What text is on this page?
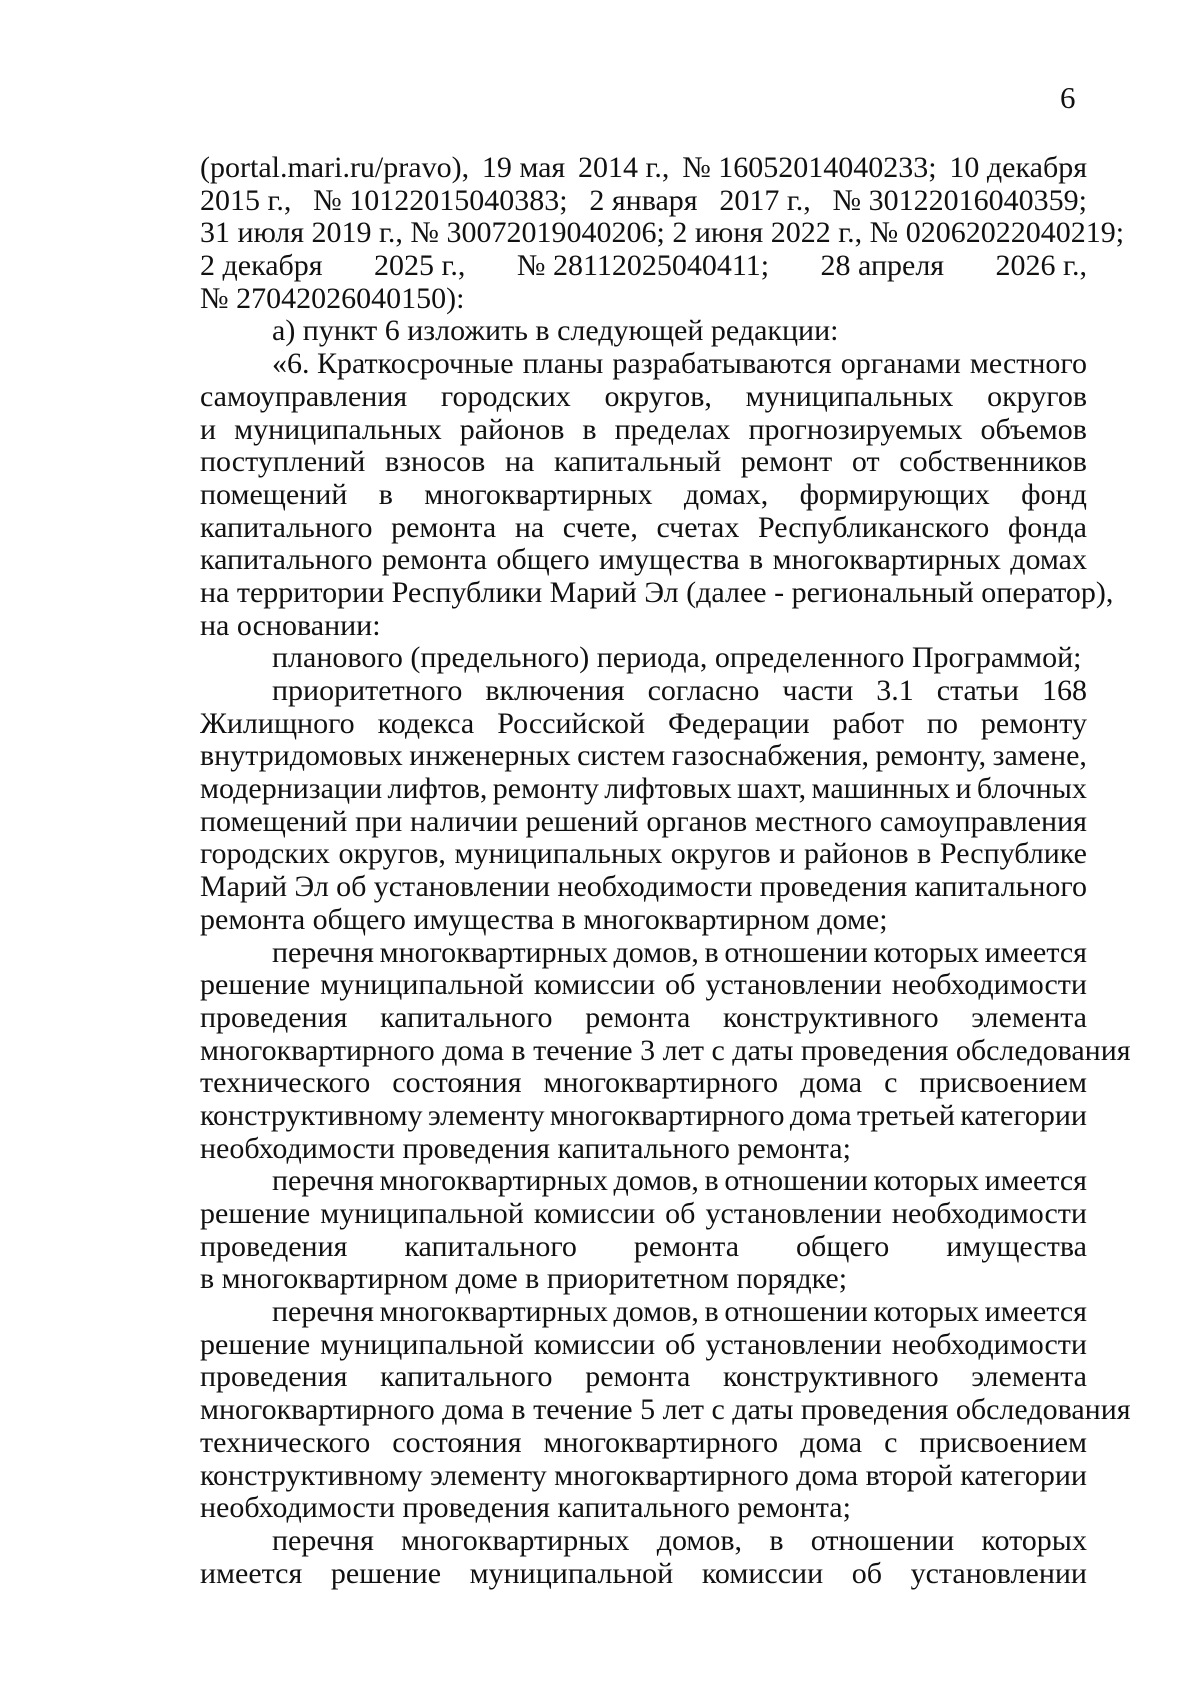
6
(portal.mari.ru/pravo), 19 мая 2014 г., № 16052014040233; 10 декабря
2015 г., № 10122015040383; 2 января 2017 г., № 30122016040359;
31 июля 2019 г., № 30072019040206; 2 июня 2022 г., № 02062022040219;
2 декабря 2025 г., № 28112025040411; 28 апреля 2026 г.,
№ 27042026040150):
а) пункт 6 изложить в следующей редакции:
«6. Краткосрочные планы разрабатываются органами местного
самоуправления городских округов, муниципальных округов
и муниципальных районов в пределах прогнозируемых объемов
поступлений взносов на капитальный ремонт от собственников
помещений в многоквартирных домах, формирующих фонд
капитального ремонта на счете, счетах Республиканского фонда
капитального ремонта общего имущества в многоквартирных домах
на территории Республики Марий Эл (далее - региональный оператор),
на основании:
планового (предельного) периода, определенного Программой;
приоритетного включения согласно части 3.1 статьи 168
Жилищного кодекса Российской Федерации работ по ремонту
внутридомовых инженерных систем газоснабжения, ремонту, замене,
модернизации лифтов, ремонту лифтовых шахт, машинных и блочных
помещений при наличии решений органов местного самоуправления
городских округов, муниципальных округов и районов в Республике
Марий Эл об установлении необходимости проведения капитального
ремонта общего имущества в многоквартирном доме;
перечня многоквартирных домов, в отношении которых имеется
решение муниципальной комиссии об установлении необходимости
проведения капитального ремонта конструктивного элемента
многоквартирного дома в течение 3 лет с даты проведения обследования
технического состояния многоквартирного дома с присвоением
конструктивному элементу многоквартирного дома третьей категории
необходимости проведения капитального ремонта;
перечня многоквартирных домов, в отношении которых имеется
решение муниципальной комиссии об установлении необходимости
проведения капитального ремонта общего имущества
в многоквартирном доме в приоритетном порядке;
перечня многоквартирных домов, в отношении которых имеется
решение муниципальной комиссии об установлении необходимости
проведения капитального ремонта конструктивного элемента
многоквартирного дома в течение 5 лет с даты проведения обследования
технического состояния многоквартирного дома с присвоением
конструктивному элементу многоквартирного дома второй категории
необходимости проведения капитального ремонта;
перечня многоквартирных домов, в отношении которых
имеется решение муниципальной комиссии об установлении
